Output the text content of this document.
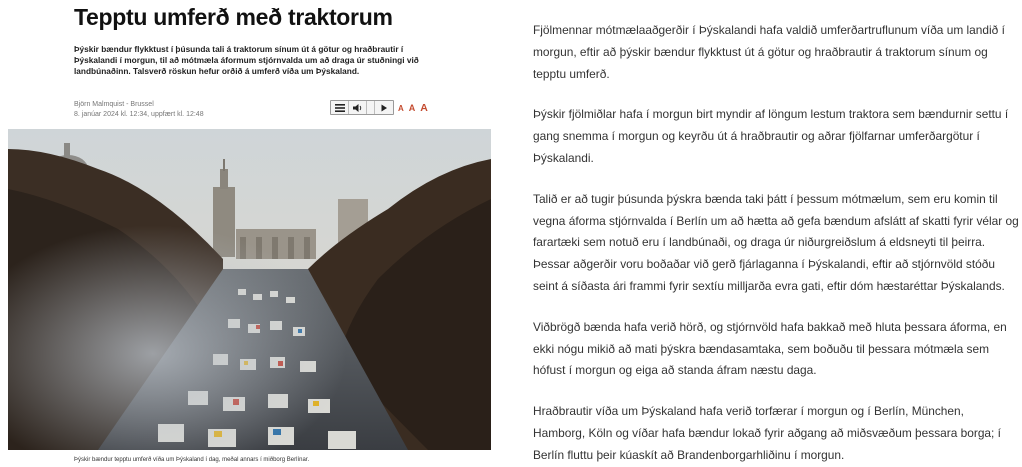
Tepptu umferð með traktorum

Þýskir bændur flykktust í þúsunda tali á traktorum sínum út á götur og hraðbrautir í Þýskalandi í morgun, til að mótmæla áformum stjórnvalda um að draga úr stuðningi við landbúnaðinn. Talsverð röskun hefur orðið á umferð víða um Þýskaland.

Björn Malmquist - Brussel
8. janúar 2024 kl. 12:34, uppfært kl. 12:48
A A A

Þýskir bændur tepptu umferð víða um Þýskaland í dag, meðal annars í miðborg Berlínar.

Fjölmennar mótmælaaðgerðir í Þýskalandi hafa valdið umferðartruflunum víða um landið í morgun, eftir að þýskir bændur flykktust út á götur og hraðbrautir á traktorum sínum og tepptu umferð.

Þýskir fjölmiðlar hafa í morgun birt myndir af löngum lestum traktora sem bændurnir settu í gang snemma í morgun og keyrðu út á hraðbrautir og aðrar fjölfarnar umferðargötur í Þýskalandi.

Talið er að tugir þúsunda þýskra bænda taki þátt í þessum mótmælum, sem eru komin til vegna áforma stjórnvalda í Berlín um að hætta að gefa bændum afslátt af skatti fyrir vélar og farartæki sem notuð eru í landbúnaði, og draga úr niðurgreiðslum á eldsneyti til þeirra. Þessar aðgerðir voru boðaðar við gerð fjárlaganna í Þýskalandi, eftir að stjórnvöld stóðu seint á síðasta ári frammi fyrir sextíu milljarða evra gati, eftir dóm hæstaréttar Þýskalands.

Viðbrögð bænda hafa verið hörð, og stjórnvöld hafa bakkað með hluta þessara áforma, en ekki nógu mikið að mati þýskra bændasamtaka, sem boðuðu til þessara mótmæla sem hófust í morgun og eiga að standa áfram næstu daga.

Hraðbrautir víða um Þýskaland hafa verið torfærar í morgun og í Berlín, München, Hamborg, Köln og víðar hafa bændur lokað fyrir aðgang að miðsvæðum þessara borga; í Berlín fluttu þeir kúaskít að Brandenborgarhliðinu í morgun.
